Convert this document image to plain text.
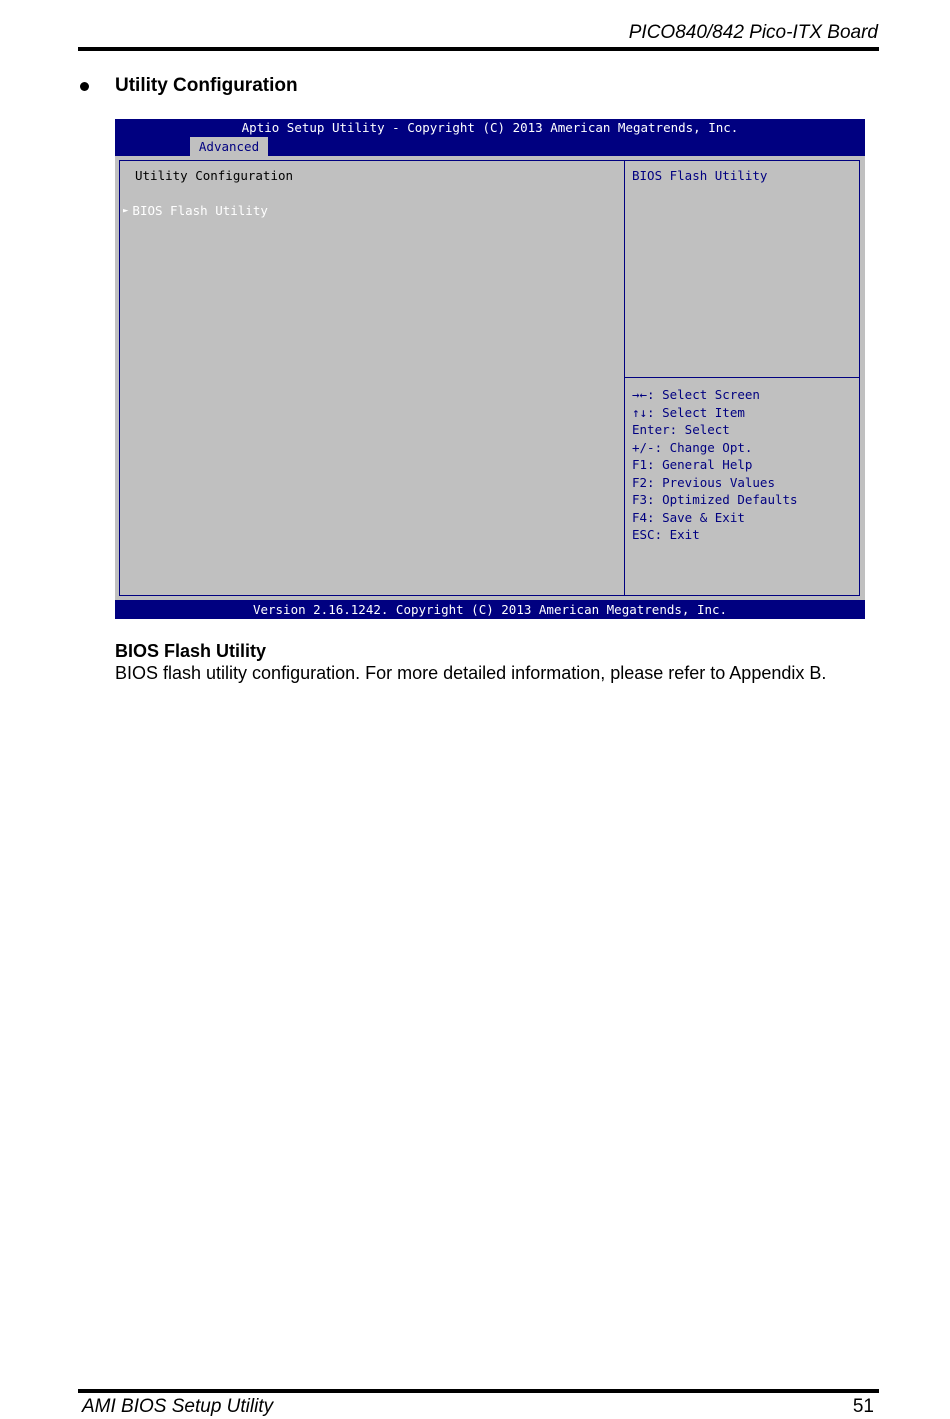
PICO840/842 Pico-ITX Board
Utility Configuration
Aptio Setup Utility - Copyright (C) 2013 American Megatrends, Inc.
Advanced
Utility Configuration
► BIOS Flash Utility
BIOS Flash Utility
→←: Select Screen
↑↓: Select Item
Enter: Select
+/-: Change Opt.
F1: General Help
F2: Previous Values
F3: Optimized Defaults
F4: Save & Exit
ESC: Exit
Version 2.16.1242. Copyright (C) 2013 American Megatrends, Inc.
BIOS Flash Utility
BIOS flash utility configuration. For more detailed information, please refer to Appendix B.
AMI BIOS Setup Utility	51
